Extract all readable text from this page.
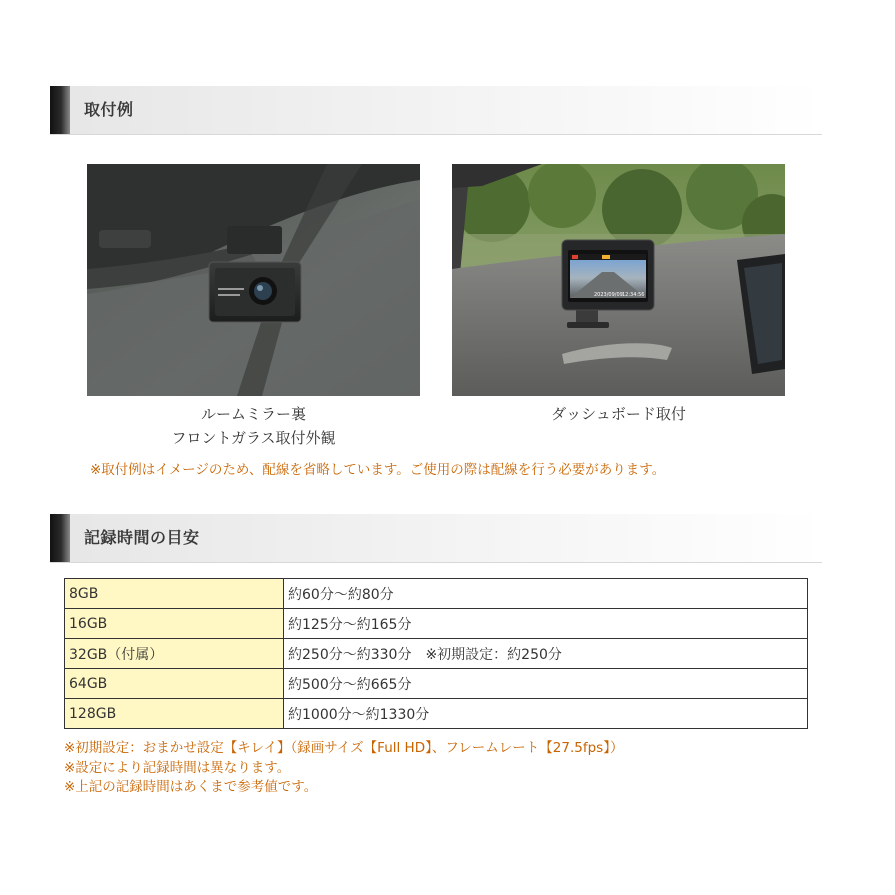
取付例
2023/09/09 12:34:56
ルームミラー裏
フロントガラス取付外観
ダッシュボード取付
※取付例はイメージのため、配線を省略しています。ご使用の際は配線を行う必要があります。
記録時間の目安
8GB	約60分～約80分
16GB	約125分～約165分
32GB（付属）	約250分～約330分　※初期設定：約250分
64GB	約500分～約665分
128GB	約1000分～約1330分
※初期設定：おまかせ設定【キレイ】（録画サイズ【Full HD】、フレームレート【27.5fps】）
※設定により記録時間は異なります。
※上記の記録時間はあくまで参考値です。
